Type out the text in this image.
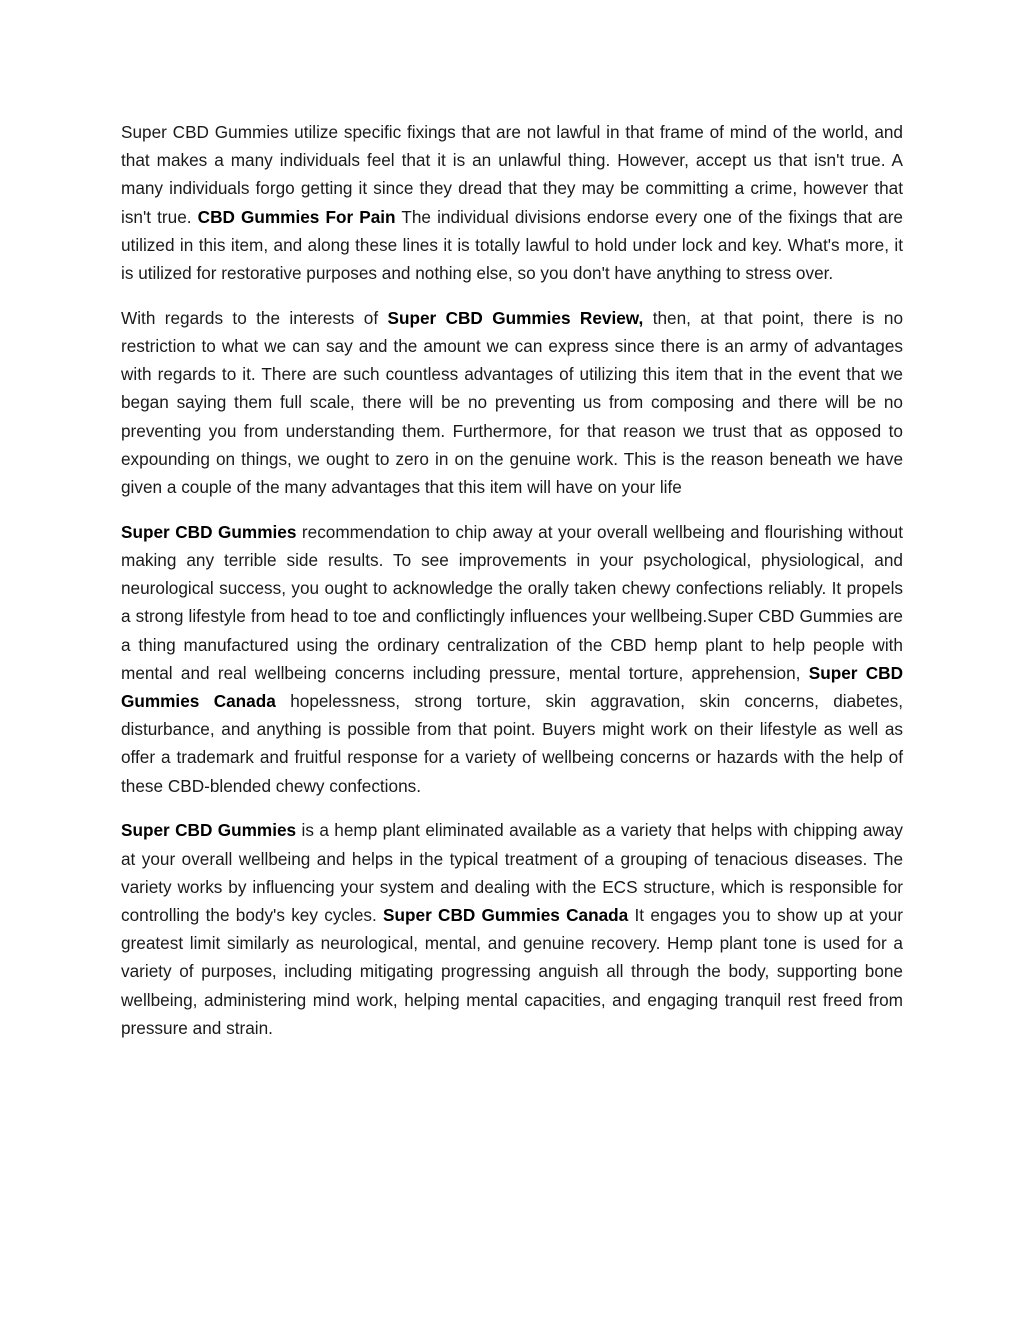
Super CBD Gummies utilize specific fixings that are not lawful in that frame of mind of the world, and that makes a many individuals feel that it is an unlawful thing. However, accept us that isn't true. A many individuals forgo getting it since they dread that they may be committing a crime, however that isn't true. CBD Gummies For Pain The individual divisions endorse every one of the fixings that are utilized in this item, and along these lines it is totally lawful to hold under lock and key. What's more, it is utilized for restorative purposes and nothing else, so you don't have anything to stress over.

With regards to the interests of Super CBD Gummies Review, then, at that point, there is no restriction to what we can say and the amount we can express since there is an army of advantages with regards to it. There are such countless advantages of utilizing this item that in the event that we began saying them full scale, there will be no preventing us from composing and there will be no preventing you from understanding them. Furthermore, for that reason we trust that as opposed to expounding on things, we ought to zero in on the genuine work. This is the reason beneath we have given a couple of the many advantages that this item will have on your life

Super CBD Gummies recommendation to chip away at your overall wellbeing and flourishing without making any terrible side results. To see improvements in your psychological, physiological, and neurological success, you ought to acknowledge the orally taken chewy confections reliably. It propels a strong lifestyle from head to toe and conflictingly influences your wellbeing.Super CBD Gummies are a thing manufactured using the ordinary centralization of the CBD hemp plant to help people with mental and real wellbeing concerns including pressure, mental torture, apprehension, Super CBD Gummies Canada hopelessness, strong torture, skin aggravation, skin concerns, diabetes, disturbance, and anything is possible from that point. Buyers might work on their lifestyle as well as offer a trademark and fruitful response for a variety of wellbeing concerns or hazards with the help of these CBD-blended chewy confections.

Super CBD Gummies is a hemp plant eliminated available as a variety that helps with chipping away at your overall wellbeing and helps in the typical treatment of a grouping of tenacious diseases. The variety works by influencing your system and dealing with the ECS structure, which is responsible for controlling the body's key cycles. Super CBD Gummies Canada It engages you to show up at your greatest limit similarly as neurological, mental, and genuine recovery. Hemp plant tone is used for a variety of purposes, including mitigating progressing anguish all through the body, supporting bone wellbeing, administering mind work, helping mental capacities, and engaging tranquil rest freed from pressure and strain.
